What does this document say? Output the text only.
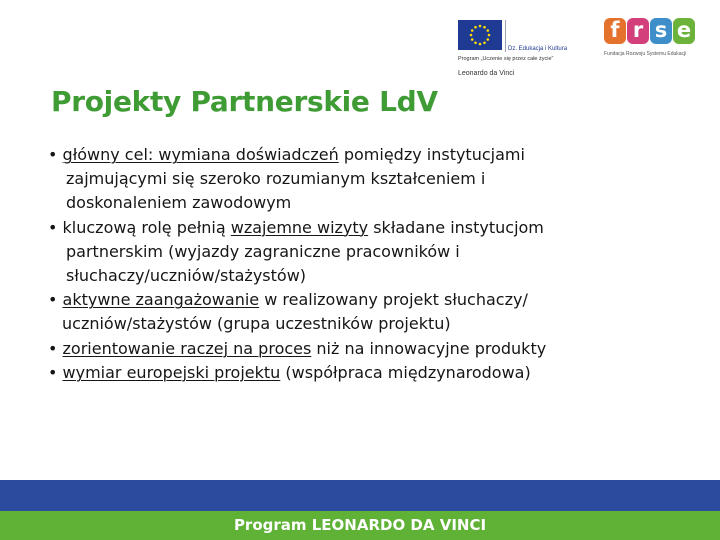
Dz. Edukacja i Kultura
Program „Uczenie się przez całe życie”
Leonardo da Vinci
f r s e
Fundacja Rozwoju Systemu Edukacji
Projekty Partnerskie LdV

• główny cel: wymiana doświadczeń pomiędzy instytucjami

zajmującymi się szeroko rozumianym kształceniem i

doskonaleniem zawodowym

• kluczową rolę pełnią wzajemne wizyty składane instytucjom

partnerskim (wyjazdy zagraniczne pracowników i

słuchaczy/uczniów/stażystów)

• aktywne zaangażowanie w realizowany projekt słuchaczy/

uczniów/stażystów (grupa uczestników projektu)

• zorientowanie raczej na proces niż na innowacyjne produkty

• wymiar europejski projektu (współpraca międzynarodowa)

Program LEONARDO DA VINCI
